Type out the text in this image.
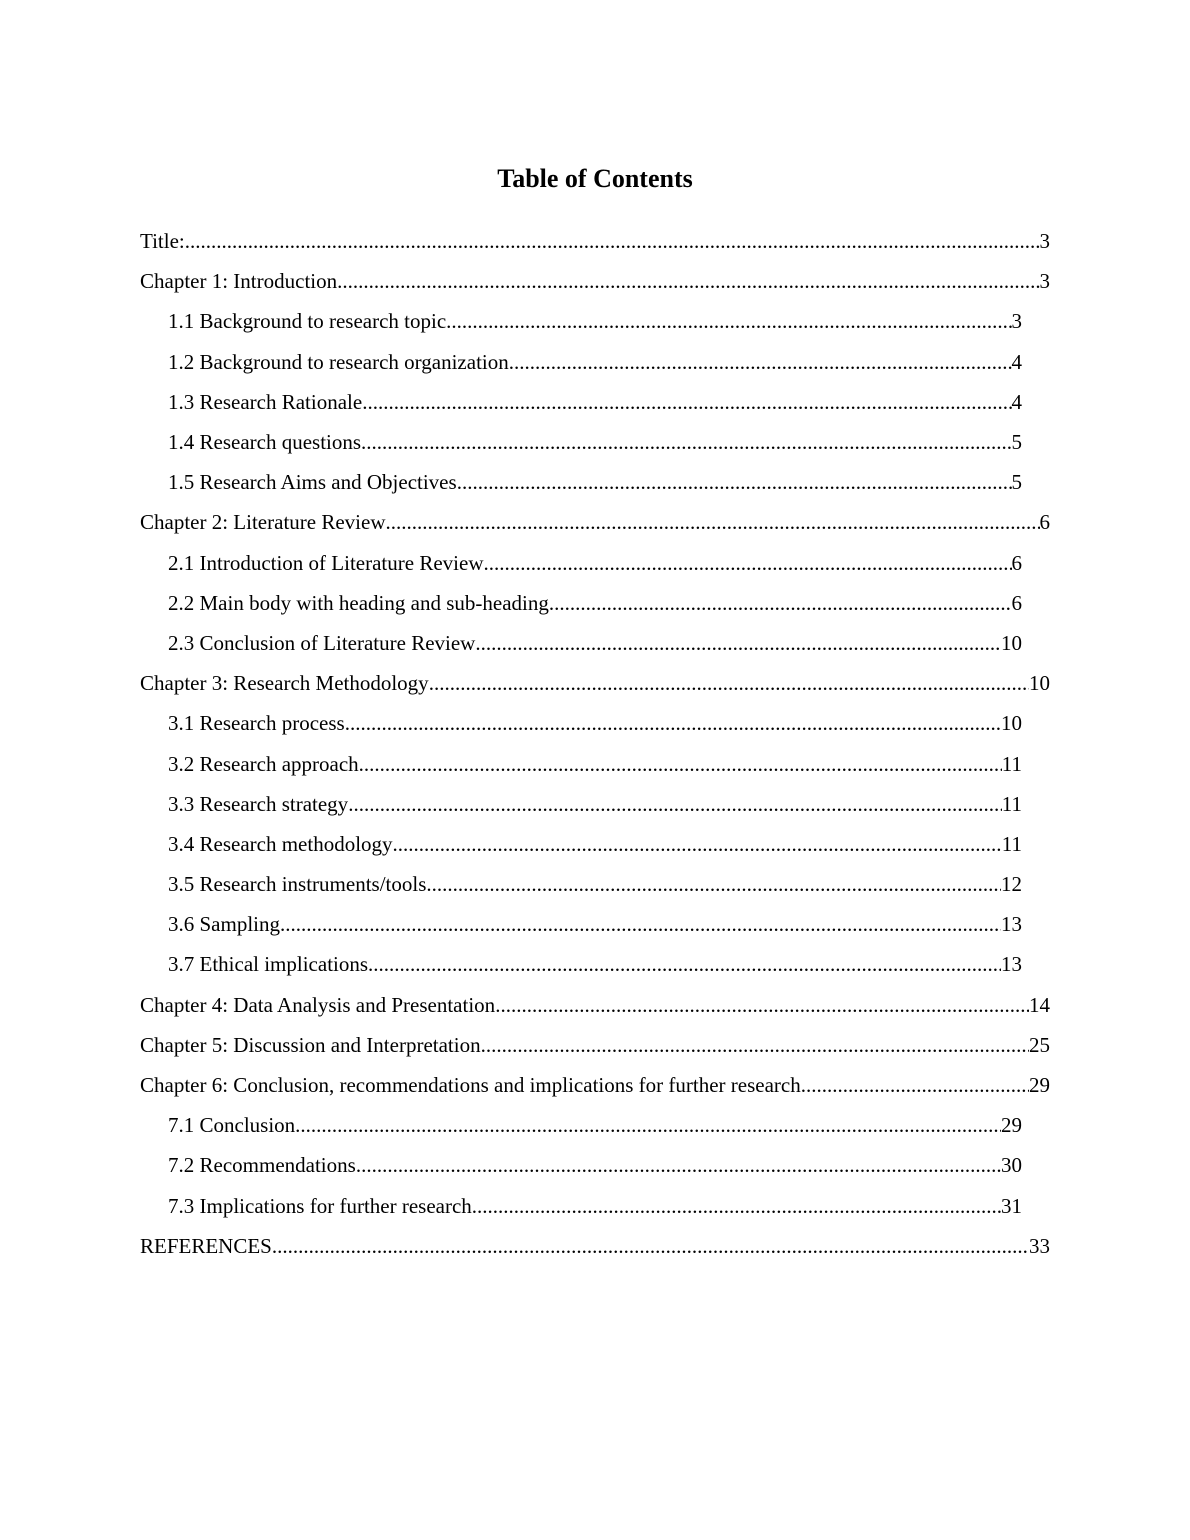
Table of Contents
Title: .....	3
Chapter 1: Introduction .....	3
1.1 Background to research topic .....	3
1.2 Background to research organization .....	4
1.3 Research Rationale .....	4
1.4 Research questions .....	5
1.5 Research Aims and Objectives .....	5
Chapter 2: Literature Review .....	6
2.1 Introduction of Literature Review .....	6
2.2 Main body with heading and sub-heading .....	6
2.3 Conclusion of Literature Review .....	10
Chapter 3: Research Methodology .....	10
3.1 Research process .....	10
3.2 Research approach .....	11
3.3 Research strategy .....	11
3.4 Research methodology .....	11
3.5 Research instruments/tools .....	12
3.6 Sampling .....	13
3.7 Ethical implications .....	13
Chapter 4: Data Analysis and Presentation .....	14
Chapter 5: Discussion and Interpretation .....	25
Chapter 6: Conclusion, recommendations and implications for further research .....	29
7.1 Conclusion .....	29
7.2 Recommendations .....	30
7.3 Implications for further research .....	31
REFERENCES .....	33
